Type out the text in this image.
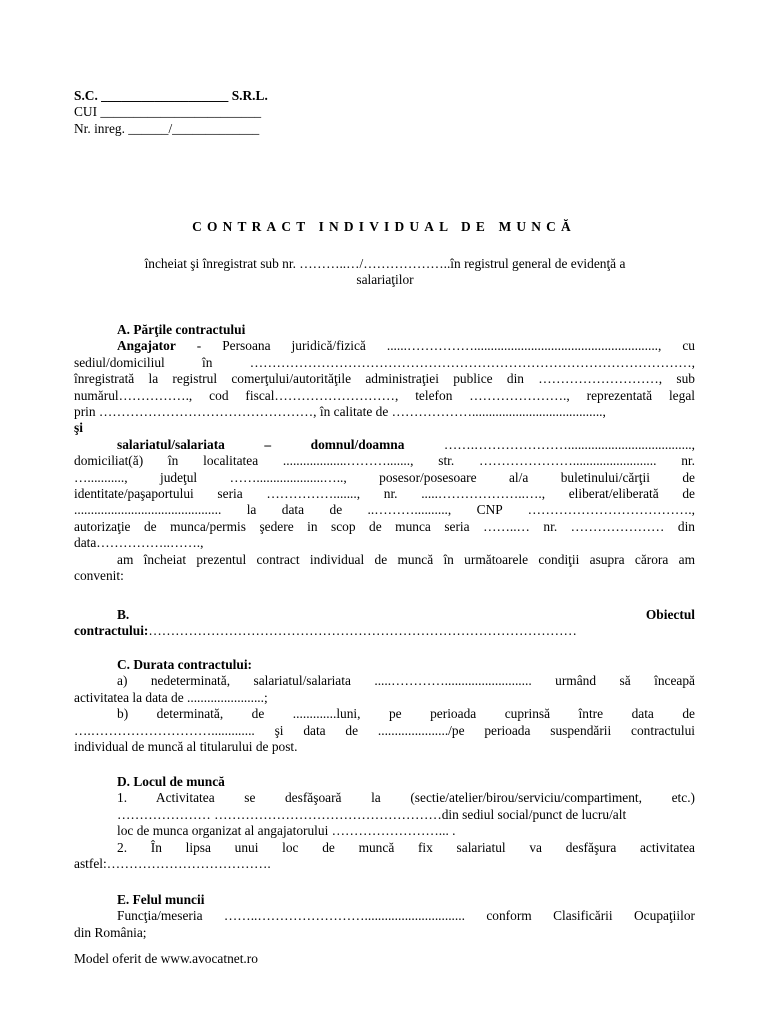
S.C. ___________________ S.R.L.
CUI ________________________
Nr. inreg. ______/_____________
CONTRACT INDIVIDUAL DE MUNCĂ
încheiat şi înregistrat sub nr. ………..…/………………..în registrul general de evidenţă a
salariaţilor
A. Părţile contractului
Angajator - Persoana juridică/fizică ......……………......................................................., cu
sediul/domiciliul în ………………………………………………………………………………………,
înregistrată la registrul comerţului/autorităţile administraţiei publice din ………………………, sub
numărul……………., cod fiscal………………………, telefon …………………., reprezentată legal
prin …………………………………………, în calitate de ……………….......................................,
şi
salariatul/salariata – domnul/doamna …….………………….....................................,
domiciliat(ă) în localitatea ...................………......., str. …………………......................... nr.
…..........., judeţul ……....................….., posesor/posesoare al/a buletinului/cărţii de
identitate/paşaportului seria ……………......., nr. .....………………..…., eliberat/eliberată de
............................................ la data de ..……….........., CNP ……………………………….,
autorizaţie de munca/permis şedere in scop de munca seria ……..… nr. ………………… din
data……………..…….,
am încheiat prezentul contract individual de muncă în următoarele condiţii asupra cărora am
convenit:
B.	Obiectul
contractului:……………………………………………………………………………………
C. Durata contractului:
a) nedeterminată, salariatul/salariata .....………….......................... urmând să înceapă
activitatea la data de .......................;
b) determinată, de .............luni, pe perioada cuprinsă între data de
….………………………............. şi data de ...................../pe perioada suspendării contractului
individual de muncă al titularului de post.
D. Locul de muncă
1. Activitatea se desfăşoară la (sectie/atelier/birou/serviciu/compartiment, etc.)
………………… ……………………………………………din sediul social/punct de lucru/alt
loc de munca organizat al angajatorului ……………………... .
2. În lipsa unui loc de muncă fix salariatul va desfăşura activitatea
astfel:……………………………….
E. Felul muncii
Funcţia/meseria ……..…………………….............................. conform Clasificării Ocupaţiilor
din România;
Model oferit de www.avocatnet.ro
